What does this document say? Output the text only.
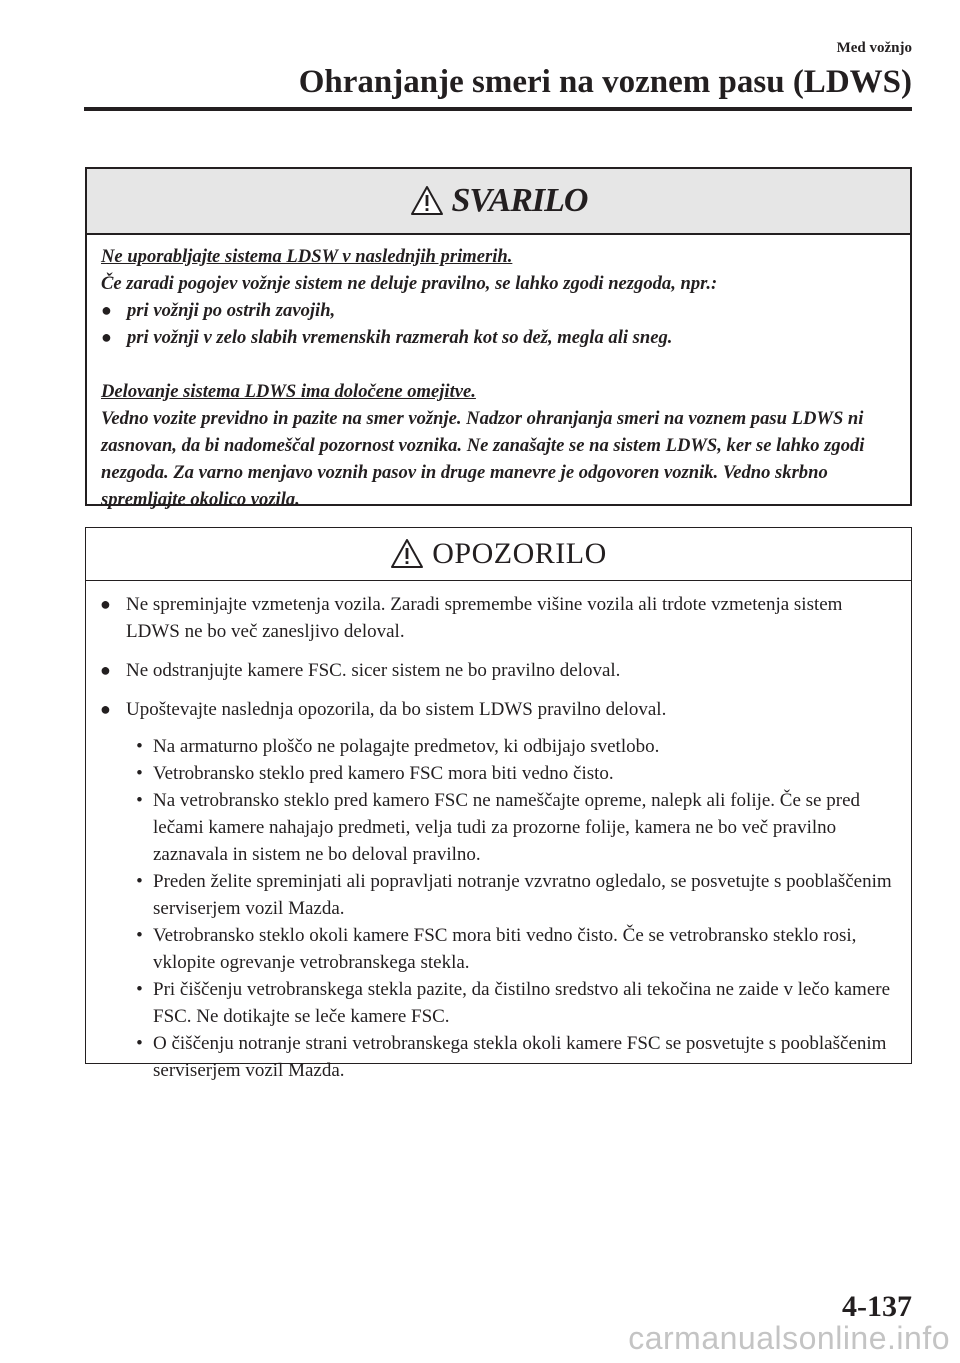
Med vožnjo
Ohranjanje smeri na voznem pasu (LDWS)
SVARILO

Ne uporabljajte sistema LDSW v naslednjih primerih.

Če zaradi pogojev vožnje sistem ne deluje pravilno, se lahko zgodi nezgoda, npr.:

● pri vožnji po ostrih zavojih,
● pri vožnji v zelo slabih vremenskih razmerah kot so dež, megla ali sneg.

Delovanje sistema LDWS ima določene omejitve.

Vedno vozite previdno in pazite na smer vožnje. Nadzor ohranjanja smeri na voznem pasu LDWS ni zasnovan, da bi nadomeščal pozornost voznika. Ne zanašajte se na sistem LDWS, ker se lahko zgodi nezgoda. Za varno menjavo voznih pasov in druge manevre je odgovoren voznik. Vedno skrbno spremljajte okolico vozila.

OPOZORILO
● Ne spreminjajte vzmetenja vozila. Zaradi spremembe višine vozila ali trdote vzmetenja sistem LDWS ne bo več zanesljivo deloval.
● Ne odstranjujte kamere FSC. sicer sistem ne bo pravilno deloval.
● Upoštevajte naslednja opozorila, da bo sistem LDWS pravilno deloval.
• Na armaturno ploščo ne polagajte predmetov, ki odbijajo svetlobo.
• Vetrobransko steklo pred kamero FSC mora biti vedno čisto.
• Na vetrobransko steklo pred kamero FSC ne nameščajte opreme, nalepk ali folije. Če se pred lečami kamere nahajajo predmeti, velja tudi za prozorne folije, kamera ne bo več pravilno zaznavala in sistem ne bo deloval pravilno.
• Preden želite spreminjati ali popravljati notranje vzvratno ogledalo, se posvetujte s pooblaščenim serviserjem vozil Mazda.
• Vetrobransko steklo okoli kamere FSC mora biti vedno čisto. Če se vetrobransko steklo rosi, vklopite ogrevanje vetrobranskega stekla.
• Pri čiščenju vetrobranskega stekla pazite, da čistilno sredstvo ali tekočina ne zaide v lečo kamere FSC. Ne dotikajte se leče kamere FSC.
• O čiščenju notranje strani vetrobranskega stekla okoli kamere FSC se posvetujte s pooblaščenim serviserjem vozil Mazda.
4-137
carmanualsonline.info
